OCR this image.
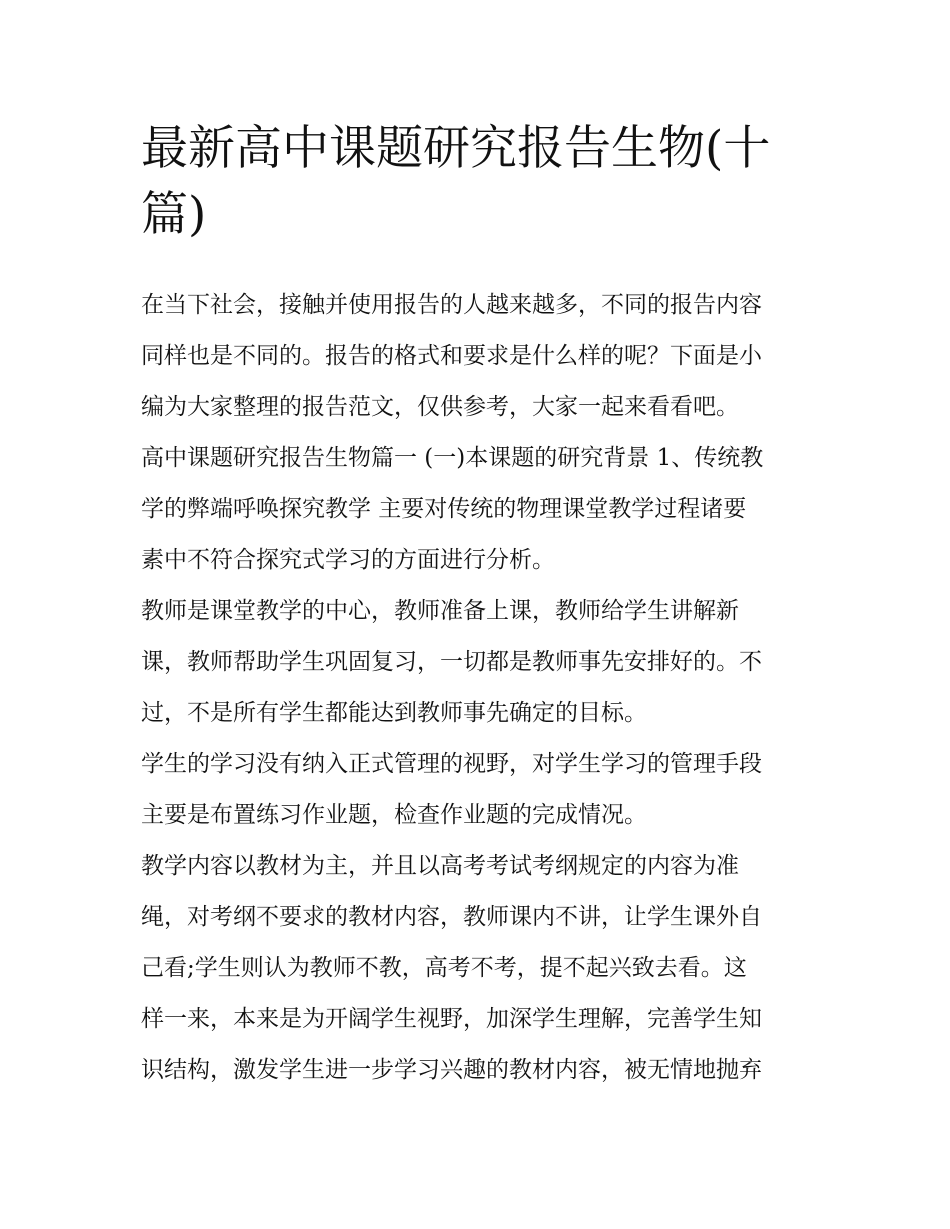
最新高中课题研究报告生物(十
篇)
在当下社会，接触并使用报告的人越来越多，不同的报告内容
同样也是不同的。报告的格式和要求是什么样的呢？下面是小
编为大家整理的报告范文，仅供参考，大家一起来看看吧。
高中课题研究报告生物篇一 (一)本课题的研究背景 1、传统教
学的弊端呼唤探究教学 主要对传统的物理课堂教学过程诸要
素中不符合探究式学习的方面进行分析。
教师是课堂教学的中心，教师准备上课，教师给学生讲解新
课，教师帮助学生巩固复习，一切都是教师事先安排好的。不
过，不是所有学生都能达到教师事先确定的目标。
学生的学习没有纳入正式管理的视野，对学生学习的管理手段
主要是布置练习作业题，检查作业题的完成情况。
教学内容以教材为主，并且以高考考试考纲规定的内容为准
绳，对考纲不要求的教材内容，教师课内不讲，让学生课外自
己看;学生则认为教师不教，高考不考，提不起兴致去看。这
样一来，本来是为开阔学生视野，加深学生理解，完善学生知
识结构，激发学生进一步学习兴趣的教材内容，被无情地抛弃
